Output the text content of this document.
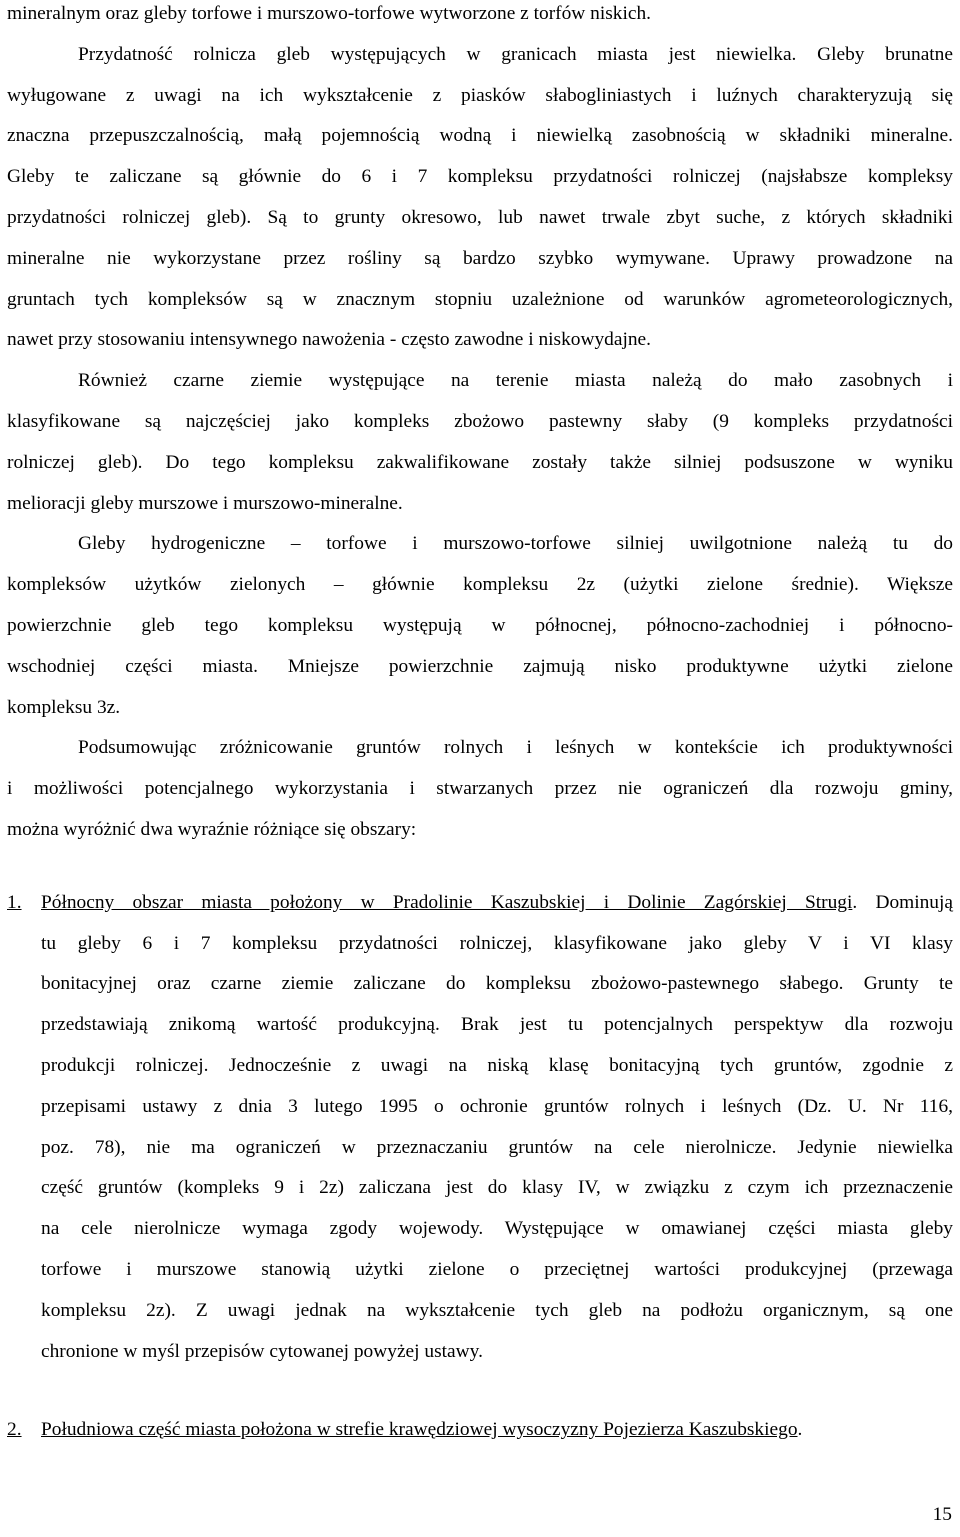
mineralnym oraz gleby torfowe i murszowo-torfowe wytworzone z torfów niskich.
Przydatność rolnicza gleb występujących w granicach miasta jest niewielka. Gleby brunatne
wyługowane z uwagi na ich wykształcenie z piasków słabogliniastych i luźnych charakteryzują się
znaczna przepuszczalnością, małą pojemnością wodną i niewielką zasobnością w składniki mineralne.
Gleby te zaliczane są głównie do 6 i 7 kompleksu przydatności rolniczej (najsłabsze kompleksy
przydatności rolniczej gleb). Są to grunty okresowo, lub nawet trwale zbyt suche, z których składniki
mineralne nie wykorzystane przez rośliny są bardzo szybko wymywane. Uprawy prowadzone na
gruntach tych kompleksów są w znacznym stopniu uzależnione od warunków agrometeorologicznych,
nawet przy stosowaniu intensywnego nawożenia - często zawodne i niskowydajne.
Również czarne ziemie występujące na terenie miasta należą do mało zasobnych i
klasyfikowane są najczęściej jako kompleks zbożowo pastewny słaby (9 kompleks przydatności
rolniczej gleb). Do tego kompleksu zakwalifikowane zostały także silniej podsuszone w wyniku
melioracji gleby murszowe i murszowo-mineralne.
Gleby hydrogeniczne – torfowe i murszowo-torfowe silniej uwilgotnione należą tu do
kompleksów użytków zielonych – głównie kompleksu 2z (użytki zielone średnie). Większe
powierzchnie gleb tego kompleksu występują w północnej, północno-zachodniej i północno-
wschodniej części miasta. Mniejsze powierzchnie zajmują nisko produktywne użytki zielone
kompleksu 3z.
Podsumowując zróżnicowanie gruntów rolnych i leśnych w kontekście ich produktywności
i możliwości potencjalnego wykorzystania i stwarzanych przez nie ograniczeń dla rozwoju gminy,
można wyróżnić dwa wyraźnie różniące się obszary:
1. Północny obszar miasta położony w Pradolinie Kaszubskiej i Dolinie Zagórskiej Strugi. Dominują
tu gleby 6 i 7 kompleksu przydatności rolniczej, klasyfikowane jako gleby V i VI klasy
bonitacyjnej oraz czarne ziemie zaliczane do kompleksu zbożowo-pastewnego słabego. Grunty te
przedstawiają znikomą wartość produkcyjną. Brak jest tu potencjalnych perspektyw dla rozwoju
produkcji rolniczej. Jednocześnie z uwagi na niską klasę bonitacyjną tych gruntów, zgodnie z
przepisami ustawy z dnia 3 lutego 1995 o ochronie gruntów rolnych i leśnych (Dz. U. Nr 116,
poz. 78), nie ma ograniczeń w przeznaczaniu gruntów na cele nierolnicze. Jedynie niewielka
część gruntów (kompleks 9 i 2z) zaliczana jest do klasy IV, w związku z czym ich przeznaczenie
na cele nierolnicze wymaga zgody wojewody. Występujące w omawianej części miasta gleby
torfowe i murszowe stanowią użytki zielone o przeciętnej wartości produkcyjnej (przewaga
kompleksu 2z). Z uwagi jednak na wykształcenie tych gleb na podłożu organicznym, są one
chronione w myśl przepisów cytowanej powyżej ustawy.
2. Południowa część miasta położona w strefie krawędziowej wysoczyzny Pojezierza Kaszubskiego.
15
